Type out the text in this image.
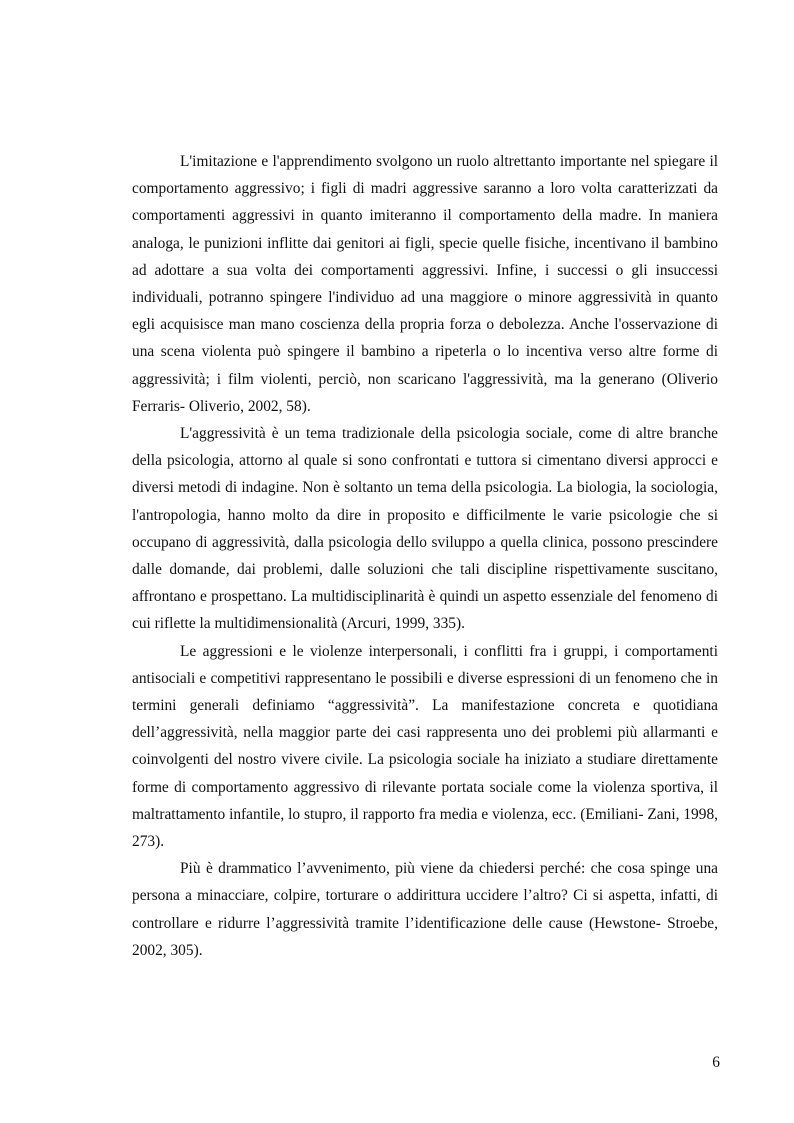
L'imitazione e l'apprendimento svolgono un ruolo altrettanto importante nel spiegare il comportamento aggressivo; i figli di madri aggressive saranno a loro volta caratterizzati da comportamenti aggressivi in quanto imiteranno il comportamento della madre. In maniera analoga, le punizioni inflitte dai genitori ai figli, specie quelle fisiche, incentivano il bambino ad adottare a sua volta dei comportamenti aggressivi. Infine, i successi o gli insuccessi individuali, potranno spingere l'individuo ad una maggiore o minore aggressività in quanto egli acquisisce man mano coscienza della propria forza o debolezza. Anche l'osservazione di una scena violenta può spingere il bambino a ripeterla o lo incentiva verso altre forme di aggressività; i film violenti, perciò, non scaricano l'aggressività, ma la generano (Oliverio Ferraris- Oliverio, 2002, 58).

L'aggressività è un tema tradizionale della psicologia sociale, come di altre branche della psicologia, attorno al quale si sono confrontati e tuttora si cimentano diversi approcci e diversi metodi di indagine. Non è soltanto un tema della psicologia. La biologia, la sociologia, l'antropologia, hanno molto da dire in proposito e difficilmente le varie psicologie che si occupano di aggressività, dalla psicologia dello sviluppo a quella clinica, possono prescindere dalle domande, dai problemi, dalle soluzioni che tali discipline rispettivamente suscitano, affrontano e prospettano. La multidisciplinarità è quindi un aspetto essenziale del fenomeno di cui riflette la multidimensionalità (Arcuri, 1999, 335).

Le aggressioni e le violenze interpersonali, i conflitti fra i gruppi, i comportamenti antisociali e competitivi rappresentano le possibili e diverse espressioni di un fenomeno che in termini generali definiamo “aggressività”. La manifestazione concreta e quotidiana dell’aggressività, nella maggior parte dei casi rappresenta uno dei problemi più allarmanti e coinvolgenti del nostro vivere civile. La psicologia sociale ha iniziato a studiare direttamente forme di comportamento aggressivo di rilevante portata sociale come la violenza sportiva, il maltrattamento infantile, lo stupro, il rapporto fra media e violenza, ecc. (Emiliani- Zani, 1998, 273).

Più è drammatico l’avvenimento, più viene da chiedersi perché: che cosa spinge una persona a minacciare, colpire, torturare o addirittura uccidere l’altro? Ci si aspetta, infatti, di controllare e ridurre l’aggressività tramite l’identificazione delle cause (Hewstone- Stroebe, 2002, 305).

6
